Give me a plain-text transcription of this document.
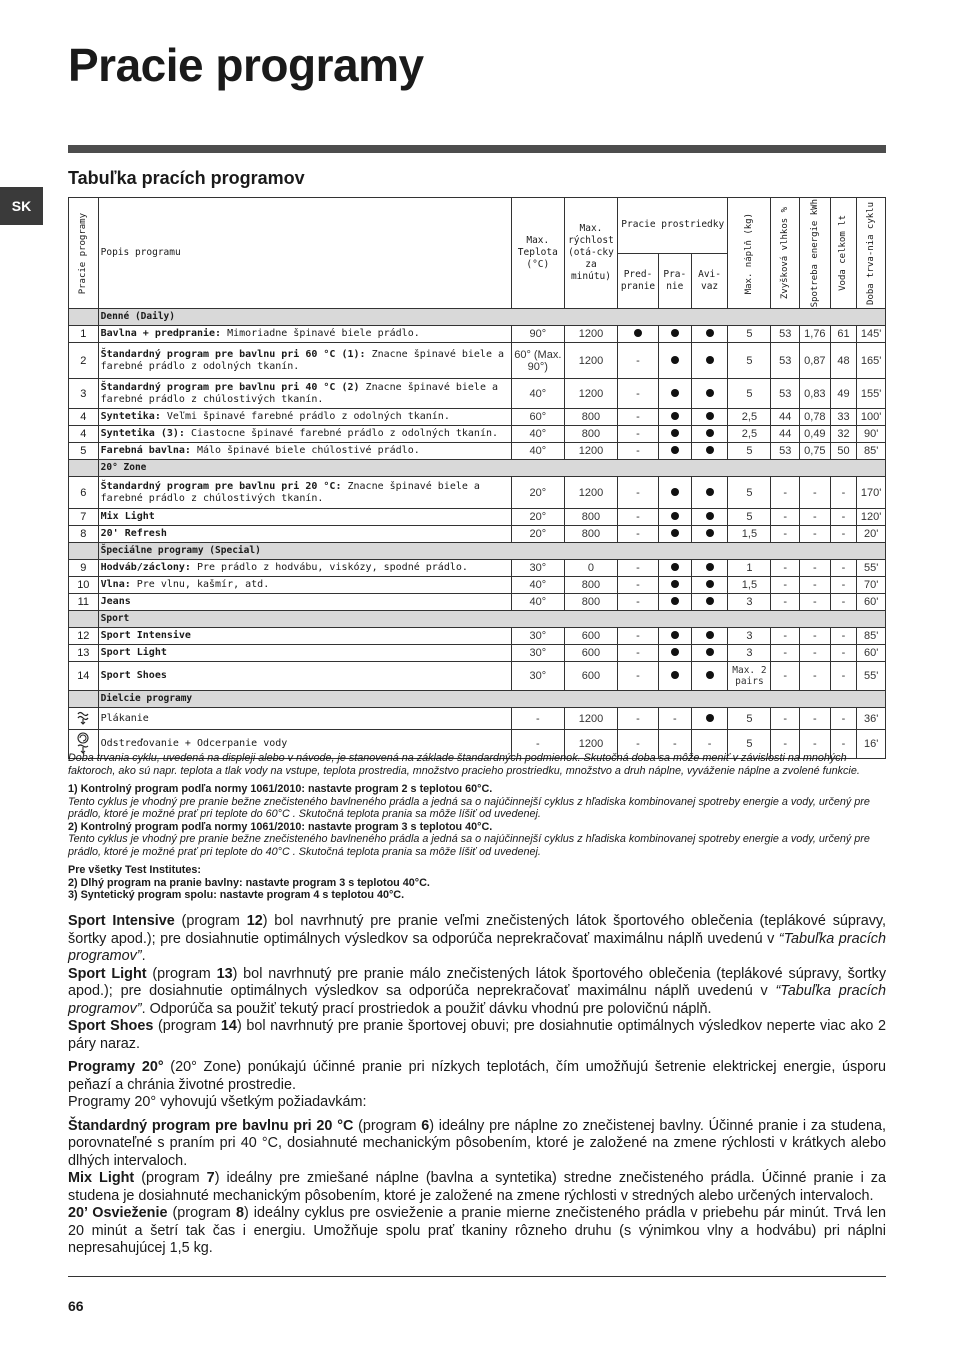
Pracie programy
Tabuľka pracích programov
SK
Pracie programy	Popis programu	Max. Teplota (°C)	Max. rýchlost (otá-cky za minútu)	Pracie prostriedky			Max. náplň (kg)	Zvyšková vlhkos %	Spotreba energie kWh	Voda celkom lt	Doba trva-nia cyklu

				Pred-pranie	Pra-nie	Avi-vaz					
	Denné (Daily)										
1	Bavlna + predpranie: Mimoriadne špinavé biele prádlo.	90°	1200				5	53	1,76	61	145'
2	Štandardný program pre bavlnu pri 60 °C (1): Znacne špinavé biele a farebné prádlo z odolných tkanín.	60° (Max. 90°)	1200	-			5	53	0,87	48	165'
3	Štandardný program pre bavlnu pri 40 °C (2) Znacne špinavé biele a farebné prádlo z chúlostivých tkanín.	40°	1200	-			5	53	0,83	49	155'
4	Syntetika: Veľmi špinavé farebné prádlo z odolných tkanín.	60°	800	-			2,5	44	0,78	33	100'
4	Syntetika (3): Ciastocne špinavé farebné prádlo z odolných tkanín.	40°	800	-			2,5	44	0,49	32	90'
5	Farebná bavlna: Málo špinavé biele chúlostivé prádlo.	40°	1200	-			5	53	0,75	50	85'
	20° Zone										
6	Štandardný program pre bavlnu pri 20 °C: Znacne špinavé biele a farebné prádlo z chúlostivých tkanín.	20°	1200	-			5	-	-	-	170'
7	Mix Light	20°	800	-			5	-	-	-	120'
8	20' Refresh	20°	800	-			1,5	-	-	-	20'
	Špeciálne programy (Special)										
9	Hodváb/záclony: Pre prádlo z hodvábu, viskózy, spodné prádlo.	30°	0	-			1	-	-	-	55'
10	Vlna: Pre vlnu, kašmír, atd.	40°	800	-			1,5	-	-	-	70'
11	Jeans	40°	800	-			3	-	-	-	60'
	Sport										
12	Sport Intensive	30°	600	-			3	-	-	-	85'
13	Sport Light	30°	600	-			3	-	-	-	60'
14	Sport Shoes	30°	600	-			Max. 2 pairs	-	-	-	55'
	Dielcie programy										
	Plákanie	-	1200	-	-		5	-	-	-	36'
	Odstreďovanie + Odcerpanie vody	-	1200	-	-	-	5	-	-	-	16'

Doba trvania cyklu, uvedená na displeji alebo v návode, je stanovená na základe štandardných podmienok. Skutočná doba sa môže meniť v závislosti na mnohých faktoroch, ako sú napr. teplota a tlak vody na vstupe, teplota prostredia, množstvo pracieho prostriedku, množstvo a druh náplne, vyváženie náplne a zvolené funkcie.

1) Kontrolný program podľa normy 1061/2010: nastavte program 2 s teplotou 60°C.

Tento cyklus je vhodný pre pranie bežne znečisteného bavlneného prádla a jedná sa o najúčinnejší cyklus z hľadiska kombinovanej spotreby energie a vody, určený pre prádlo, ktoré je možné prať pri teplote do 60°C . Skutočná teplota prania sa môže líšiť od uvedenej.

2) Kontrolný program podľa normy 1061/2010: nastavte program 3 s teplotou 40°C.

Tento cyklus je vhodný pre pranie bežne znečisteného bavlneného prádla a jedná sa o najúčinnejší cyklus z hľadiska kombinovanej spotreby energie a vody, určený pre prádlo, ktoré je možné prať pri teplote do 40°C . Skutočná teplota prania sa môže líšiť od uvedenej.

Pre všetky Test Institutes:

2) Dlhý program na pranie bavlny: nastavte program 3 s teplotou 40°C.

3) Syntetický program spolu: nastavte program 4 s teplotou 40°C.

Sport Intensive (program 12) bol navrhnutý pre pranie veľmi znečistených látok športového oblečenia (teplákové súpravy, šortky apod.); pre dosiahnutie optimálnych výsledkov sa odporúča neprekračovať maximálnu náplň uvedenú v “Tabuľka pracích programov”.

Sport Light (program 13) bol navrhnutý pre pranie málo znečistených látok športového oblečenia (teplákové súpravy, šortky apod.); pre dosiahnutie optimálnych výsledkov sa odporúča neprekračovať maximálnu náplň uvedenú v “Tabuľka pracích programov”. Odporúča sa použiť tekutý prací prostriedok a použiť dávku vhodnú pre polovičnú náplň.

Sport Shoes (program 14) bol navrhnutý pre pranie športovej obuvi; pre dosiahnutie optimálnych výsledkov neperte viac ako 2 páry naraz.

Programy 20° (20° Zone) ponúkajú účinné pranie pri nízkych teplotách, čím umožňujú šetrenie elektrickej energie, úsporu peňazí a chránia životné prostredie.

Programy 20° vyhovujú všetkým požiadavkám:

Štandardný program pre bavlnu pri 20 °C (program 6) ideálny pre náplne zo znečistenej bavlny. Účinné pranie i za studena, porovnateľné s praním pri 40 °C, dosiahnuté mechanickým pôsobením, ktoré je založené na zmene rýchlosti v krátkych alebo dlhých intervaloch.

Mix Light (program 7) ideálny pre zmiešané náplne (bavlna a syntetika) stredne znečisteného prádla. Účinné pranie i za studena je dosiahnuté mechanickým pôsobením, ktoré je založené na zmene rýchlosti v stredných alebo určených intervaloch.

20’ Osvieženie (program 8) ideálny cyklus pre osvieženie a pranie mierne znečisteného prádla v priebehu pár minút. Trvá len 20 minút a šetrí tak čas i energiu. Umožňuje spolu prať tkaniny rôzneho druhu (s výnimkou vlny a hodvábu) pri náplni nepresahujúcej 1,5 kg.

66
